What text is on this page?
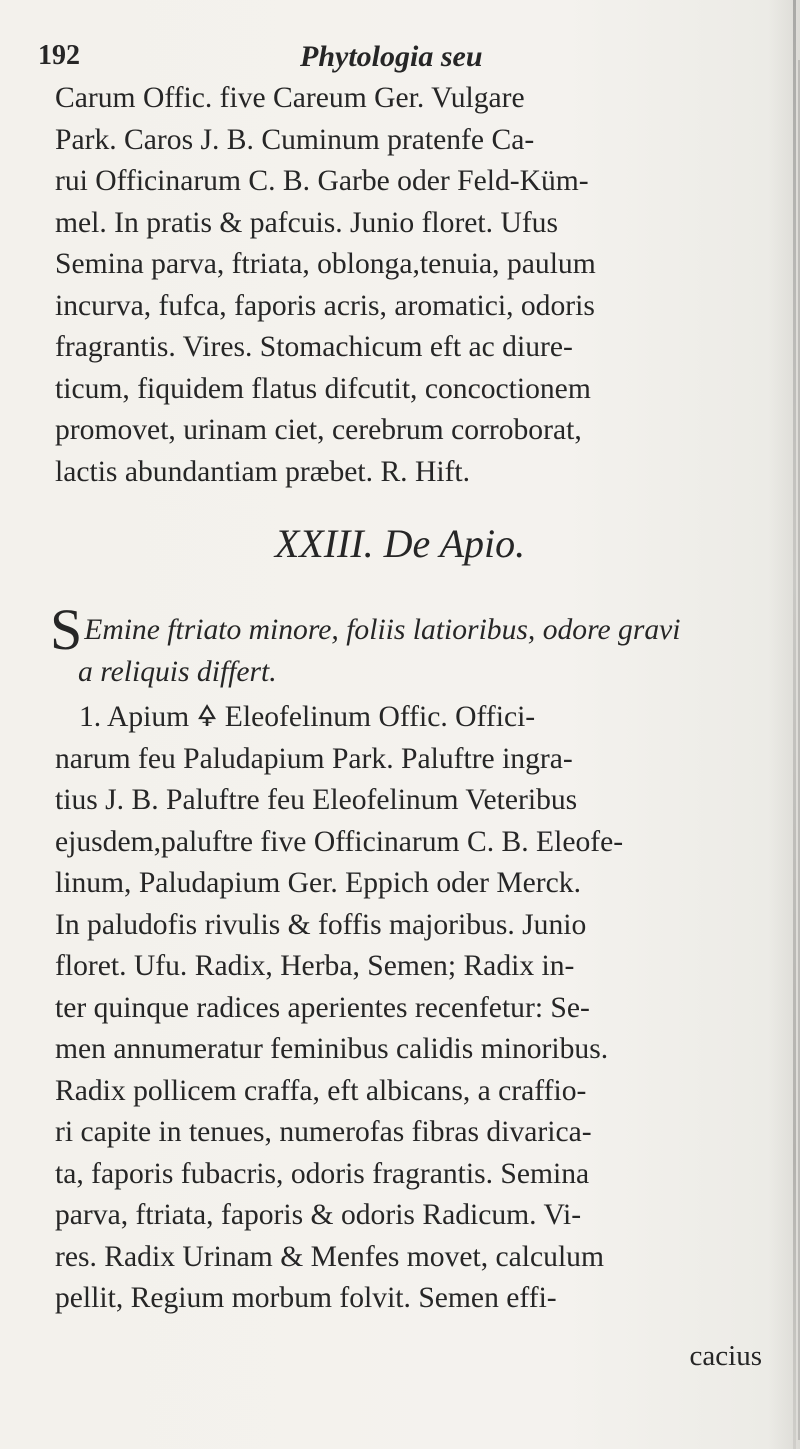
192	Phytologia seu
Carum Offic. five Careum Ger. Vulgare
Park. Caros J. B. Cuminum pratenfe Ca-
rui Officinarum C. B. Garbe oder Feld-Küm-
mel. In pratis & pafcuis. Junio floret. Ufus
Semina parva, ftriata, oblonga,tenuia, paulum
incurva, fufca, faporis acris, aromatici, odoris
fragrantis. Vires. Stomachicum eft ac diure-
ticum, fiquidem flatus difcutit, concoctionem
promovet, urinam ciet, cerebrum corroborat,
lactis abundantiam præbet. R. Hift.
XXIII. De Apio.
S Emine ftriato minore, foliis latioribus, odore gravi
a reliquis differt.
1. Apium 🜍 Eleofelinum Offic. Offici-
narum feu Paludapium Park. Paluftre ingra-
tius J. B. Paluftre feu Eleofelinum Veteribus
ejusdem,paluftre five Officinarum C. B. Eleofe-
linum, Paludapium Ger. Eppich oder Merck.
In paludofis rivulis & foffis majoribus. Junio
floret. Ufu. Radix, Herba, Semen; Radix in-
ter quinque radices aperientes recenfetur: Se-
men annumeratur feminibus calidis minoribus.
Radix pollicem craffa, eft albicans, a craffio-
ri capite in tenues, numerofas fibras divarica-
ta, faporis fubacris, odoris fragrantis. Semina
parva, ftriata, faporis & odoris Radicum. Vi-
res. Radix Urinam & Menfes movet, calculum
pellit, Regium morbum folvit. Semen effi-
cacius
